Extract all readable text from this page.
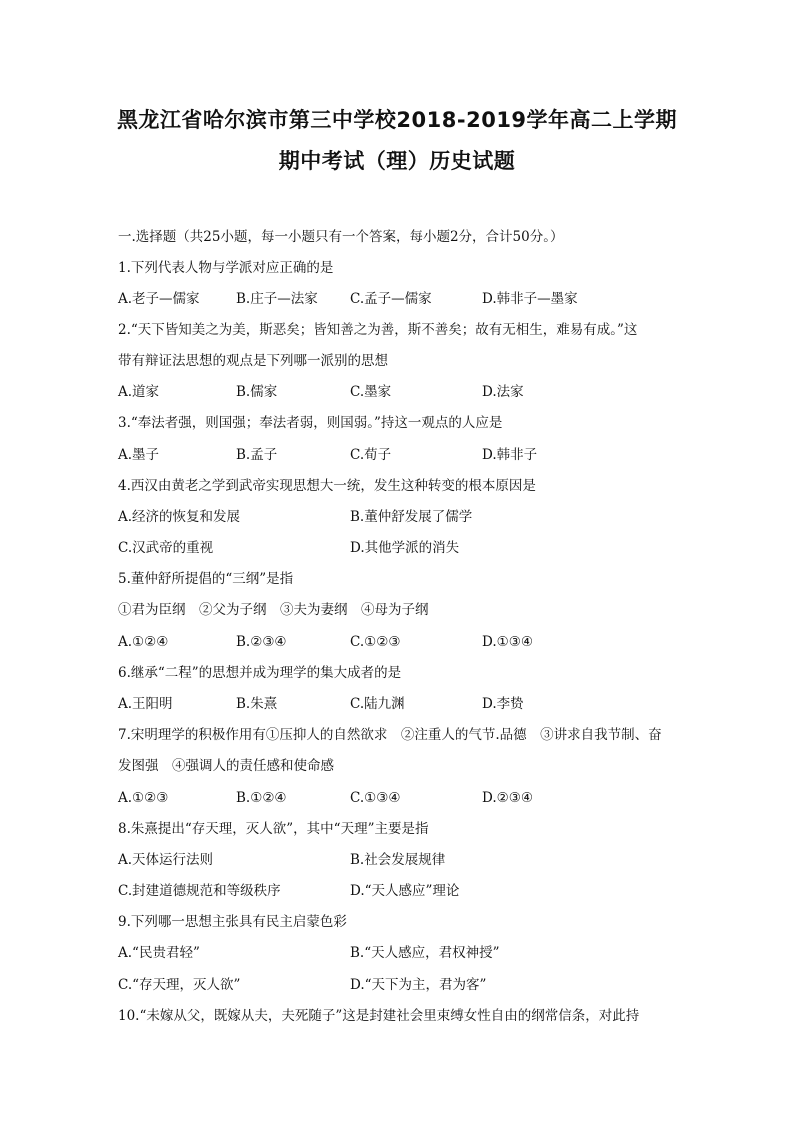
黑龙江省哈尔滨市第三中学校2018-2019学年高二上学期
期中考试（理）历史试题
一.选择题（共25小题，每一小题只有一个答案，每小题2分，合计50分。）
1.下列代表人物与学派对应正确的是
A.老子—儒家	B.庄子—法家 C.孟子—儒家	D.韩非子—墨家
2.“天下皆知美之为美，斯恶矣；皆知善之为善，斯不善矣；故有无相生，难易有成。”这
带有辩证法思想的观点是下列哪一派别的思想
A.道家	B.儒家	C.墨家	D.法家
3.“奉法者强，则国强；奉法者弱，则国弱。”持这一观点的人应是
A.墨子	B.孟子	C.荀子	D.韩非子
4.西汉由黄老之学到武帝实现思想大一统，发生这种转变的根本原因是
A.经济的恢复和发展	B.董仲舒发展了儒学
C.汉武帝的重视	D.其他学派的消失
5.董仲舒所提倡的“三纲”是指
①君为臣纲　②父为子纲　③夫为妻纲　④母为子纲
A.①②④	B.②③④	C.①②③	D.①③④
6.继承“二程”的思想并成为理学的集大成者的是
A.王阳明	B.朱熹	C.陆九渊	D.李贽
7.宋明理学的积极作用有①压抑人的自然欲求　②注重人的气节.品德　③讲求自我节制、奋
发图强　④强调人的责任感和使命感
A.①②③	B.①②④	C.①③④	D.②③④
8.朱熹提出“存天理，灭人欲”，其中“天理”主要是指
A.天体运行法则	B.社会发展规律
C.封建道德规范和等级秩序	D.“天人感应”理论
9.下列哪一思想主张具有民主启蒙色彩
A.“民贵君轻”	B.“天人感应，君权神授”
C.“存天理，灭人欲”	D.“天下为主，君为客”
10.“未嫁从父，既嫁从夫，夫死随子”这是封建社会里束缚女性自由的纲常信条，对此持
